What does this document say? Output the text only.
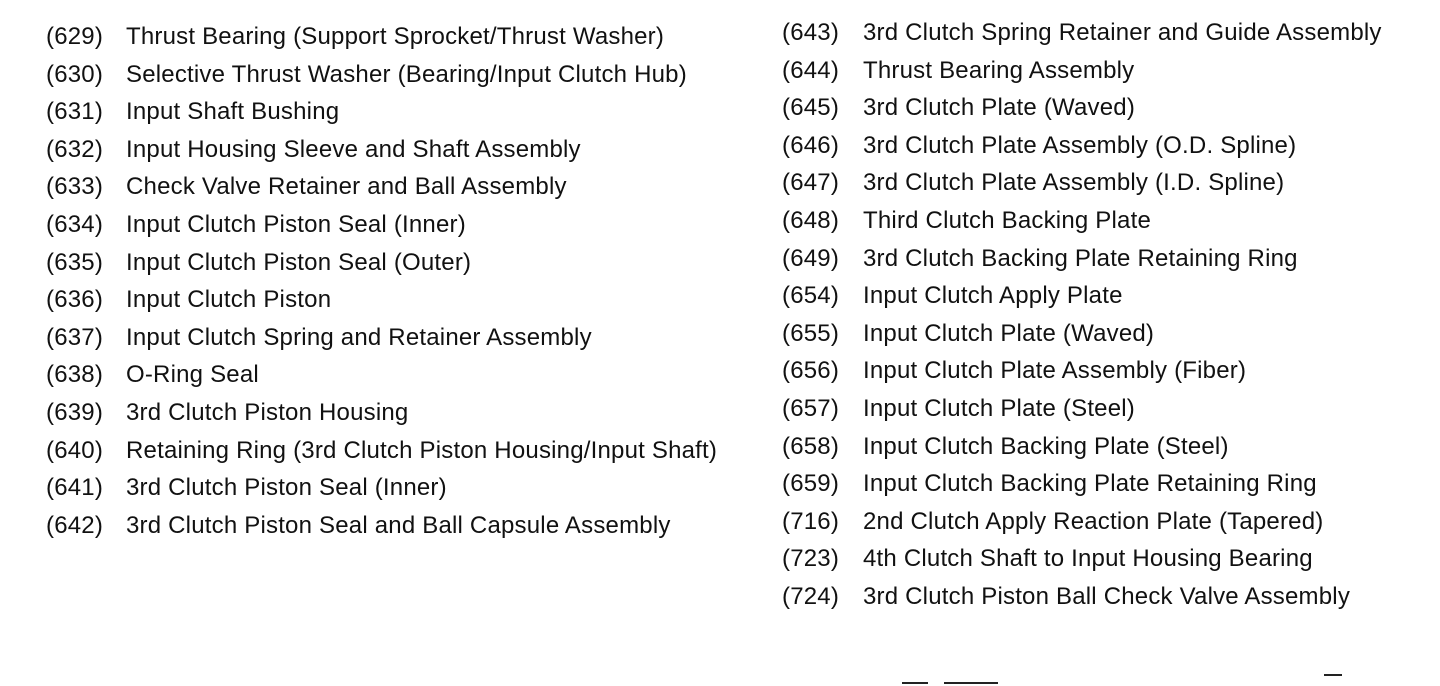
(629) Thrust Bearing (Support Sprocket/Thrust Washer)
(630) Selective Thrust Washer (Bearing/Input Clutch Hub)
(631) Input Shaft Bushing
(632) Input Housing Sleeve and Shaft Assembly
(633) Check Valve Retainer and Ball Assembly
(634) Input Clutch Piston Seal (Inner)
(635) Input Clutch Piston Seal (Outer)
(636) Input Clutch Piston
(637) Input Clutch Spring and Retainer Assembly
(638) O-Ring Seal
(639) 3rd Clutch Piston Housing
(640) Retaining Ring (3rd Clutch Piston Housing/Input Shaft)
(641) 3rd Clutch Piston Seal (Inner)
(642) 3rd Clutch Piston Seal and Ball Capsule Assembly
(643) 3rd Clutch Spring Retainer and Guide Assembly
(644) Thrust Bearing Assembly
(645) 3rd Clutch Plate (Waved)
(646) 3rd Clutch Plate Assembly (O.D. Spline)
(647) 3rd Clutch Plate Assembly (I.D. Spline)
(648) Third Clutch Backing Plate
(649) 3rd Clutch Backing Plate Retaining Ring
(654) Input Clutch Apply Plate
(655) Input Clutch Plate (Waved)
(656) Input Clutch Plate Assembly (Fiber)
(657) Input Clutch Plate (Steel)
(658) Input Clutch Backing Plate (Steel)
(659) Input Clutch Backing Plate Retaining Ring
(716) 2nd Clutch Apply Reaction Plate (Tapered)
(723) 4th Clutch Shaft to Input Housing Bearing
(724) 3rd Clutch Piston Ball Check Valve Assembly
